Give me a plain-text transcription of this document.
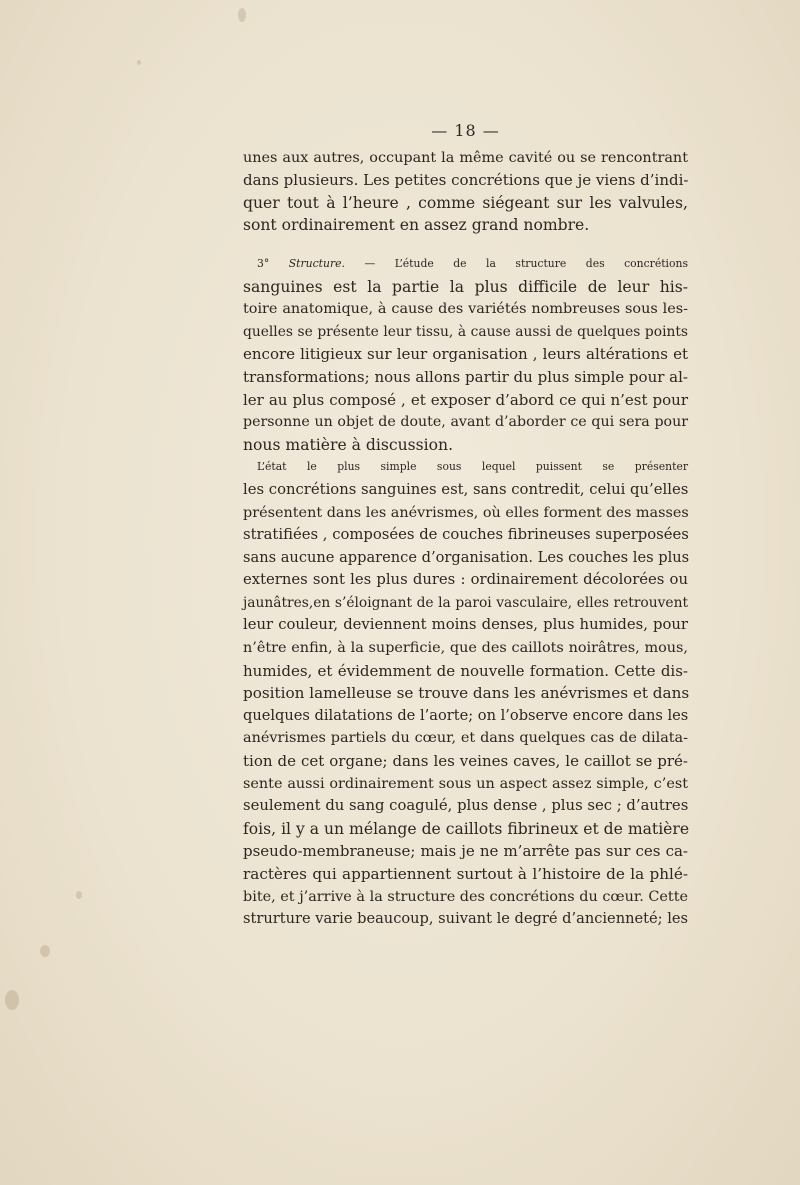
— 18 —
unes aux autres, occupant la même cavité ou se rencontrant
dans plusieurs. Les petites concrétions que je viens d’indi-
quer tout à l’heure , comme siégeant sur les valvules,
sont ordinairement en assez grand nombre.
3° Structure. — L’étude de la structure des concrétions
sanguines est la partie la plus difficile de leur his-
toire anatomique, à cause des variétés nombreuses sous les-
quelles se présente leur tissu, à cause aussi de quelques points
encore litigieux sur leur organisation , leurs altérations et
transformations; nous allons partir du plus simple pour al-
ler au plus composé , et exposer d’abord ce qui n’est pour
personne un objet de doute, avant d’aborder ce qui sera pour
nous matière à discussion.
L’état le plus simple sous lequel puissent se présenter
les concrétions sanguines est, sans contredit, celui qu’elles
présentent dans les anévrismes, où elles forment des masses
stratifiées , composées de couches fibrineuses superposées
sans aucune apparence d’organisation. Les couches les plus
externes sont les plus dures : ordinairement décolorées ou
jaunâtres,en s’éloignant de la paroi vasculaire, elles retrouvent
leur couleur, deviennent moins denses, plus humides, pour
n’être enfin, à la superficie, que des caillots noirâtres, mous,
humides, et évidemment de nouvelle formation. Cette dis-
position lamelleuse se trouve dans les anévrismes et dans
quelques dilatations de l’aorte; on l’observe encore dans les
anévrismes partiels du cœur, et dans quelques cas de dilata-
tion de cet organe; dans les veines caves, le caillot se pré-
sente aussi ordinairement sous un aspect assez simple, c’est
seulement du sang coagulé, plus dense , plus sec ; d’autres
fois, il y a un mélange de caillots fibrineux et de matière
pseudo-membraneuse; mais je ne m’arrête pas sur ces ca-
ractères qui appartiennent surtout à l’histoire de la phlé-
bite, et j’arrive à la structure des concrétions du cœur. Cette
strurture varie beaucoup, suivant le degré d’ancienneté; les
